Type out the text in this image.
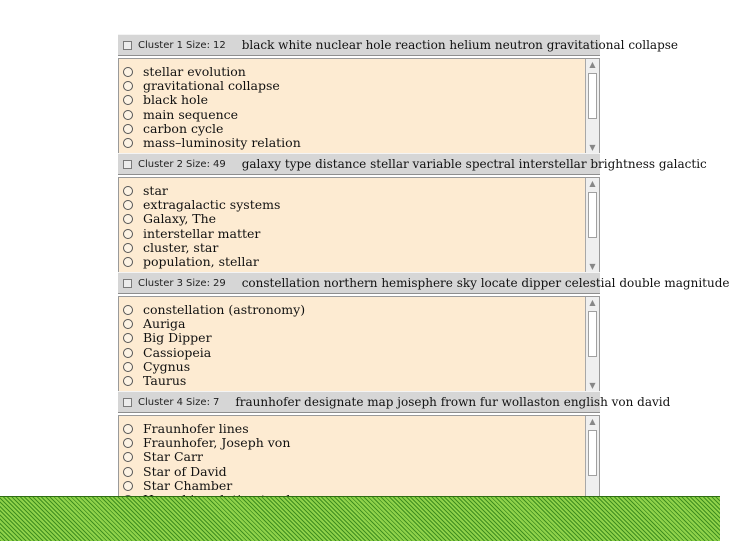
Cluster 1 Size: 12 black white nuclear hole reaction helium neutron gravitational collapse
stellar evolution
gravitational collapse
black hole
main sequence
carbon cycle
mass–luminosity relation
▲
▼
Cluster 2 Size: 49 galaxy type distance stellar variable spectral interstellar brightness galactic
star
extragalactic systems
Galaxy, The
interstellar matter
cluster, star
population, stellar
▲
▼
Cluster 3 Size: 29 constellation northern hemisphere sky locate dipper celestial double magnitude
constellation (astronomy)
Auriga
Big Dipper
Cassiopeia
Cygnus
Taurus
▲
▼
Cluster 4 Size: 7 fraunhofer designate map joseph frown fur wollaston english von david
Fraunhofer lines
Fraunhofer, Joseph von
Star Carr
Star of David
Star Chamber
▲
